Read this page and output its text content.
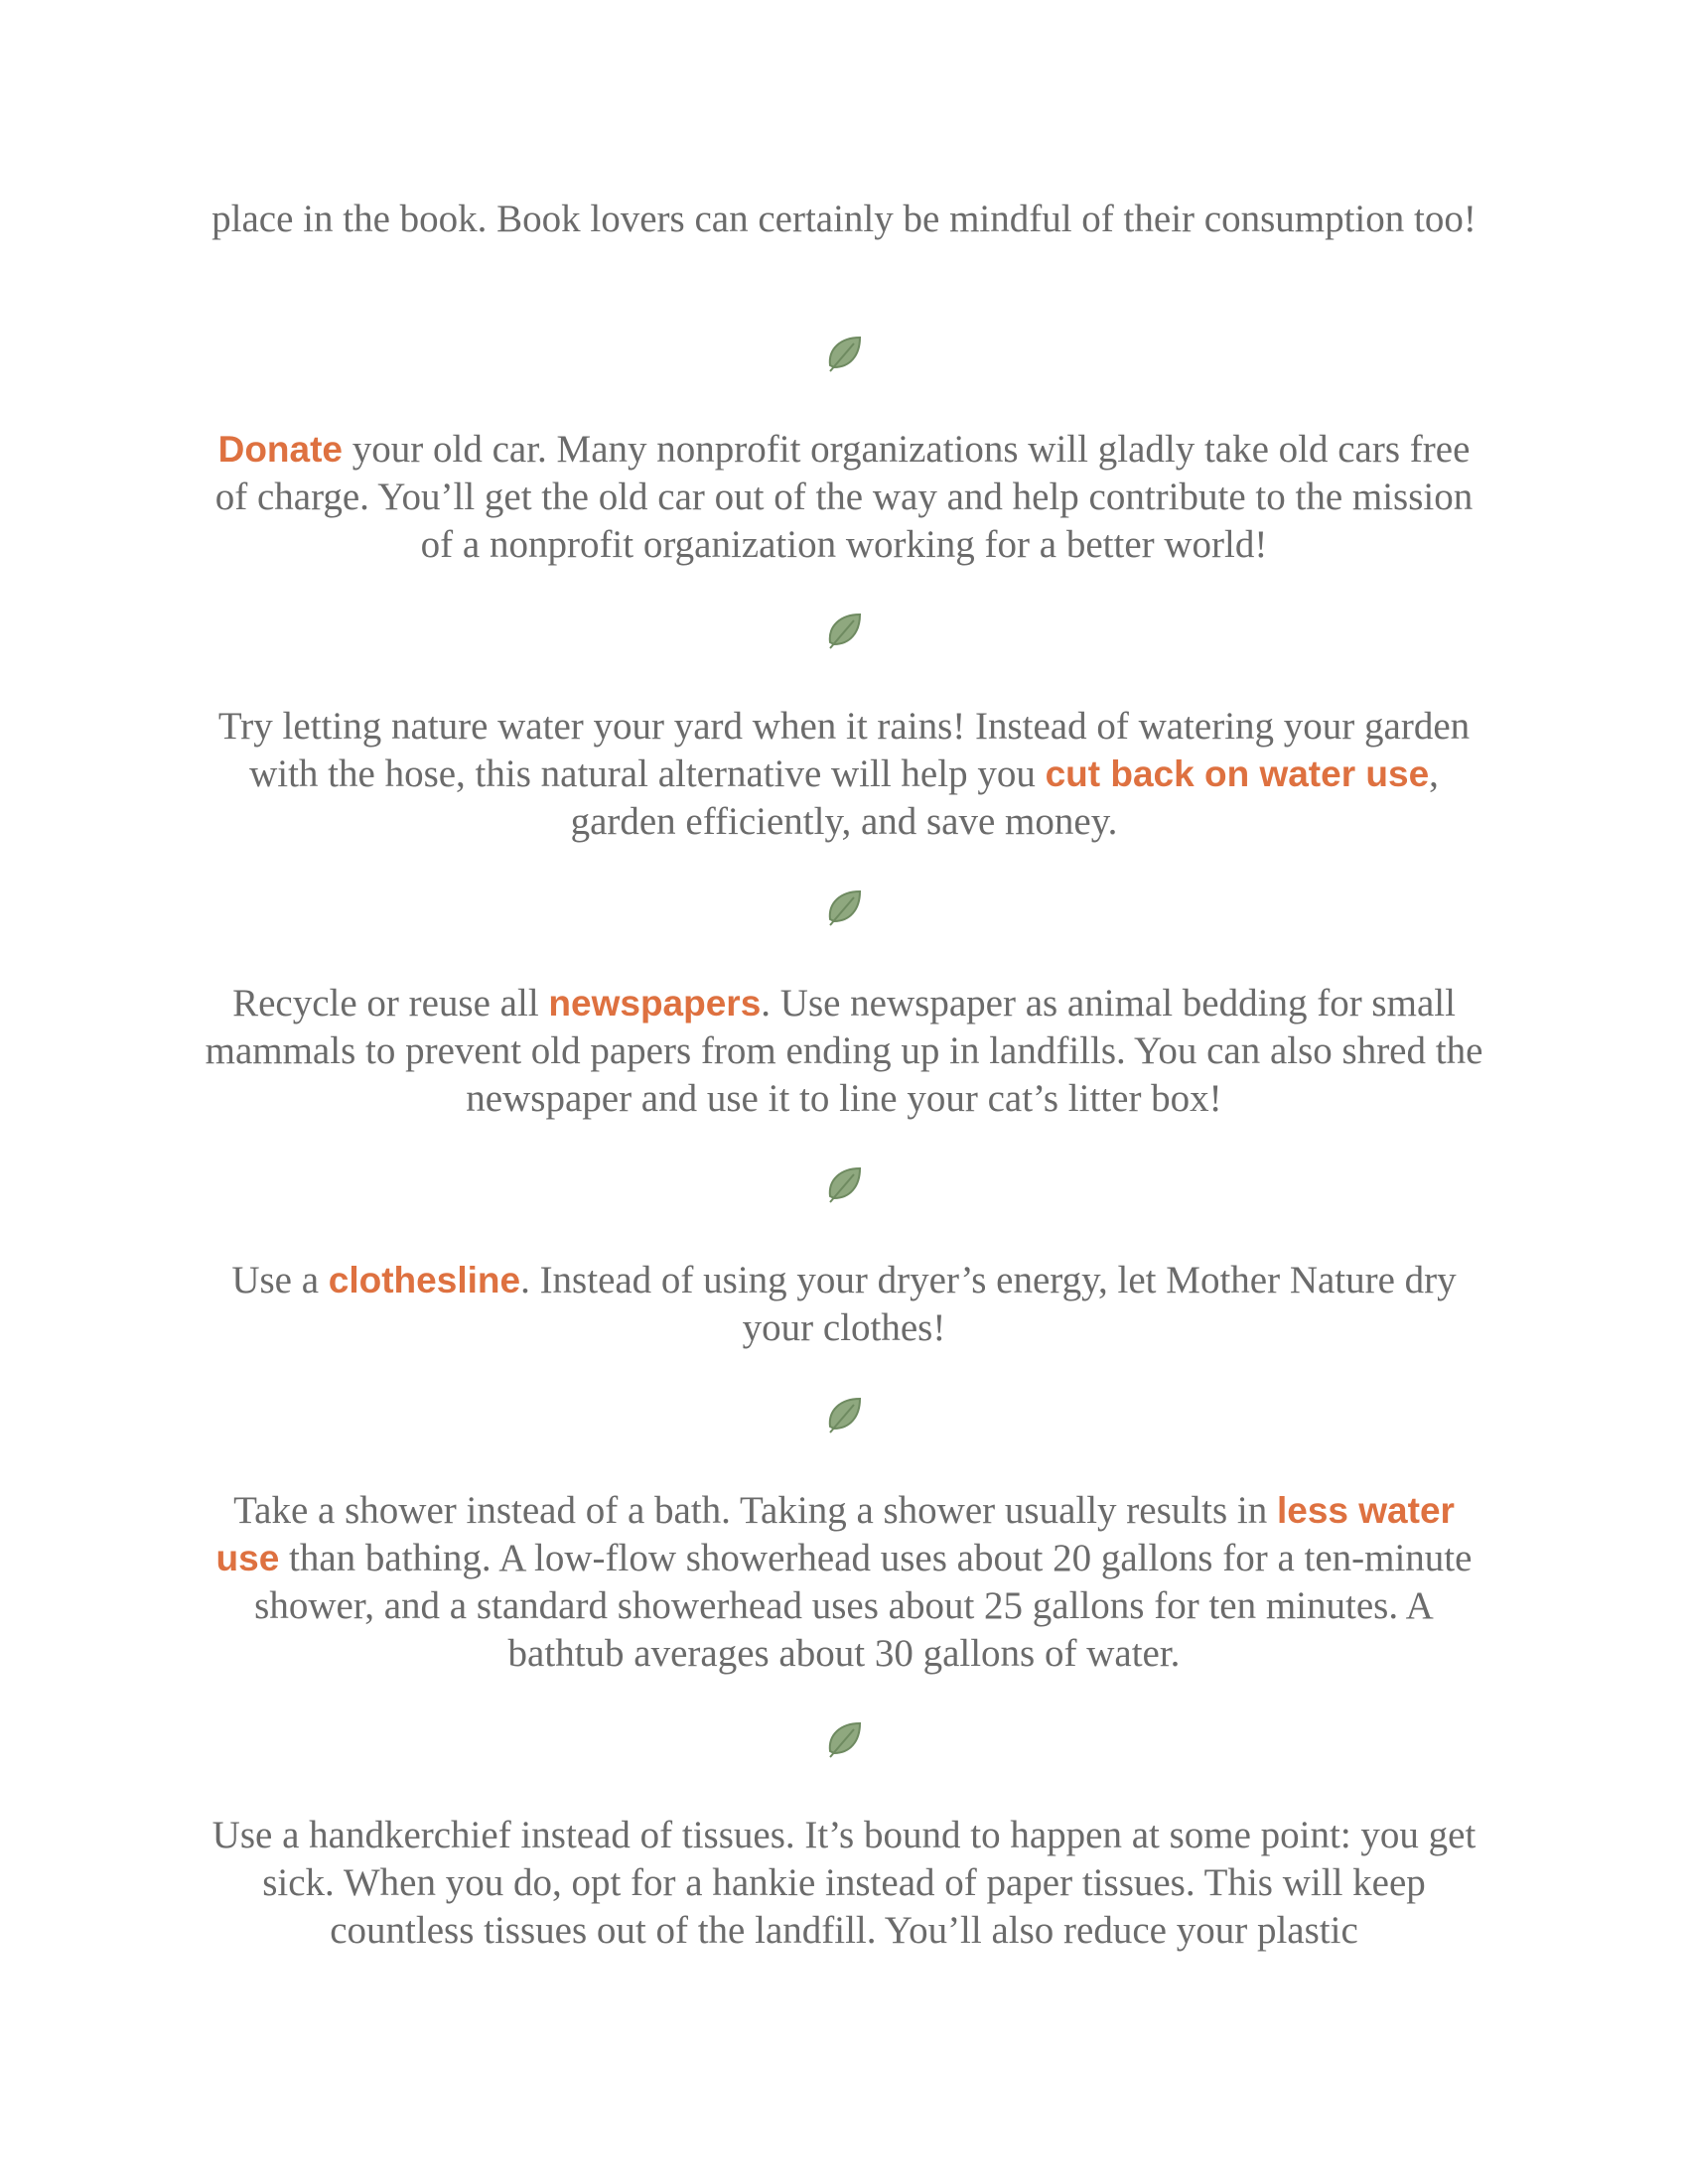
place in the book. Book lovers can certainly be mindful of their consumption too!

Donate your old car. Many nonprofit organizations will gladly take old cars free of charge. You’ll get the old car out of the way and help contribute to the mission of a nonprofit organization working for a better world!

Try letting nature water your yard when it rains! Instead of watering your garden with the hose, this natural alternative will help you cut back on water use, garden efficiently, and save money.

Recycle or reuse all newspapers. Use newspaper as animal bedding for small mammals to prevent old papers from ending up in landfills. You can also shred the newspaper and use it to line your cat’s litter box!

Use a clothesline. Instead of using your dryer’s energy, let Mother Nature dry your clothes!

Take a shower instead of a bath. Taking a shower usually results in less water use than bathing. A low-flow showerhead uses about 20 gallons for a ten-minute shower, and a standard showerhead uses about 25 gallons for ten minutes. A bathtub averages about 30 gallons of water.

Use a handkerchief instead of tissues. It’s bound to happen at some point: you get sick. When you do, opt for a hankie instead of paper tissues. This will keep countless tissues out of the landfill. You’ll also reduce your plastic
